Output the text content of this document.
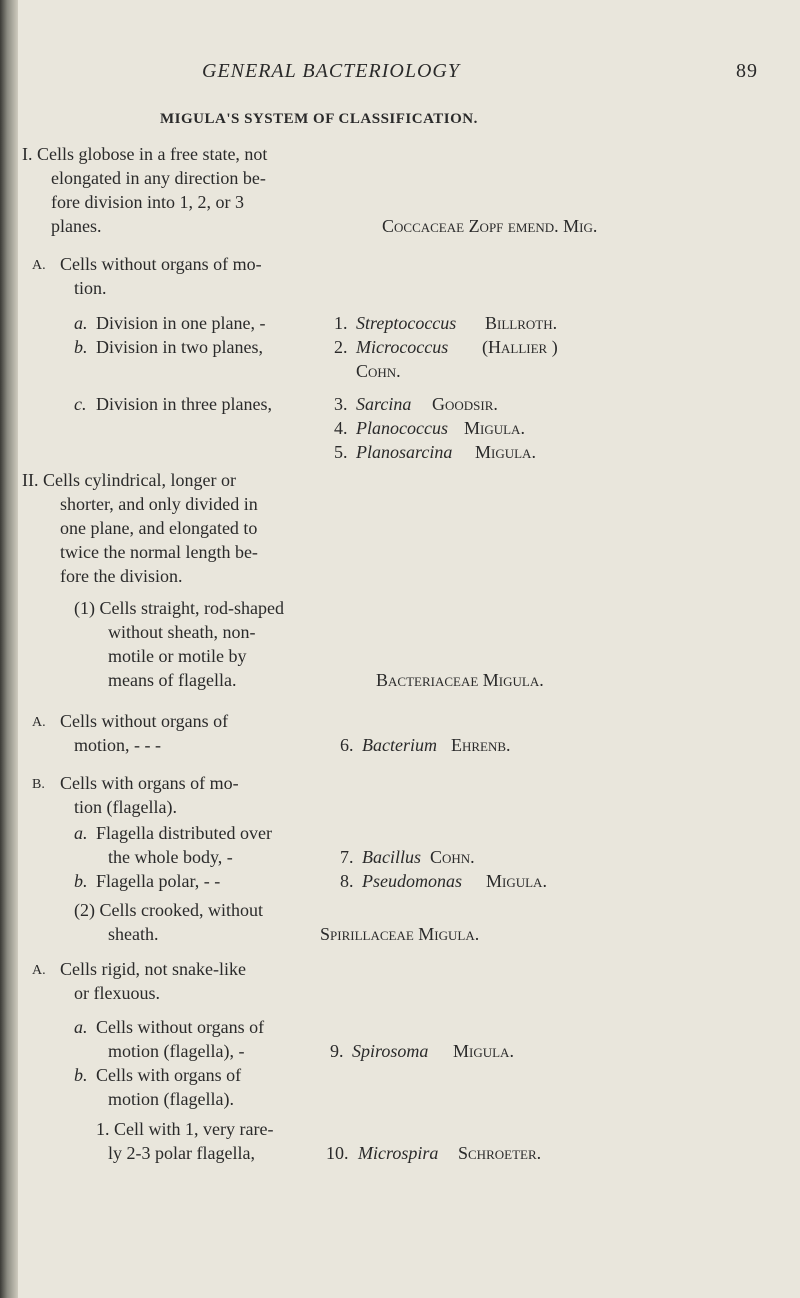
GENERAL BACTERIOLOGY	89
MIGULA'S SYSTEM OF CLASSIFICATION.
I. Cells globose in a free state, not
elongated in any direction be-
fore division into 1, 2, or 3
planes.	Coccaceae Zopf emend. Mig.
A. Cells without organs of mo-
tion.
a. Division in one plane, -	1. Streptococcus Billroth.
b. Division in two planes,	2. Micrococcus (Hallier )
Cohn.
c. Division in three planes,	3. Sarcina Goodsir.
4. Planococcus Migula.
5. Planosarcina Migula.
II. Cells cylindrical, longer or
shorter, and only divided in
one plane, and elongated to
twice the normal length be-
fore the division.
(1) Cells straight, rod-shaped
without sheath, non-
motile or motile by
means of flagella.	Bacteriaceae Migula.
A. Cells without organs of
motion, - - -	6. Bacterium Ehrenb.
B. Cells with organs of mo-
tion (flagella).
a. Flagella distributed over
the whole body, -	7. Bacillus Cohn.
b. Flagella polar, - -	8. Pseudomonas Migula.
(2) Cells crooked, without
sheath.	Spirillaceae Migula.
A. Cells rigid, not snake-like
or flexuous.
a. Cells without organs of
motion (flagella), -	9. Spirosoma Migula.
b. Cells with organs of
motion (flagella).
1. Cell with 1, very rare-
ly 2-3 polar flagella,	10. Microspira Schroeter.
